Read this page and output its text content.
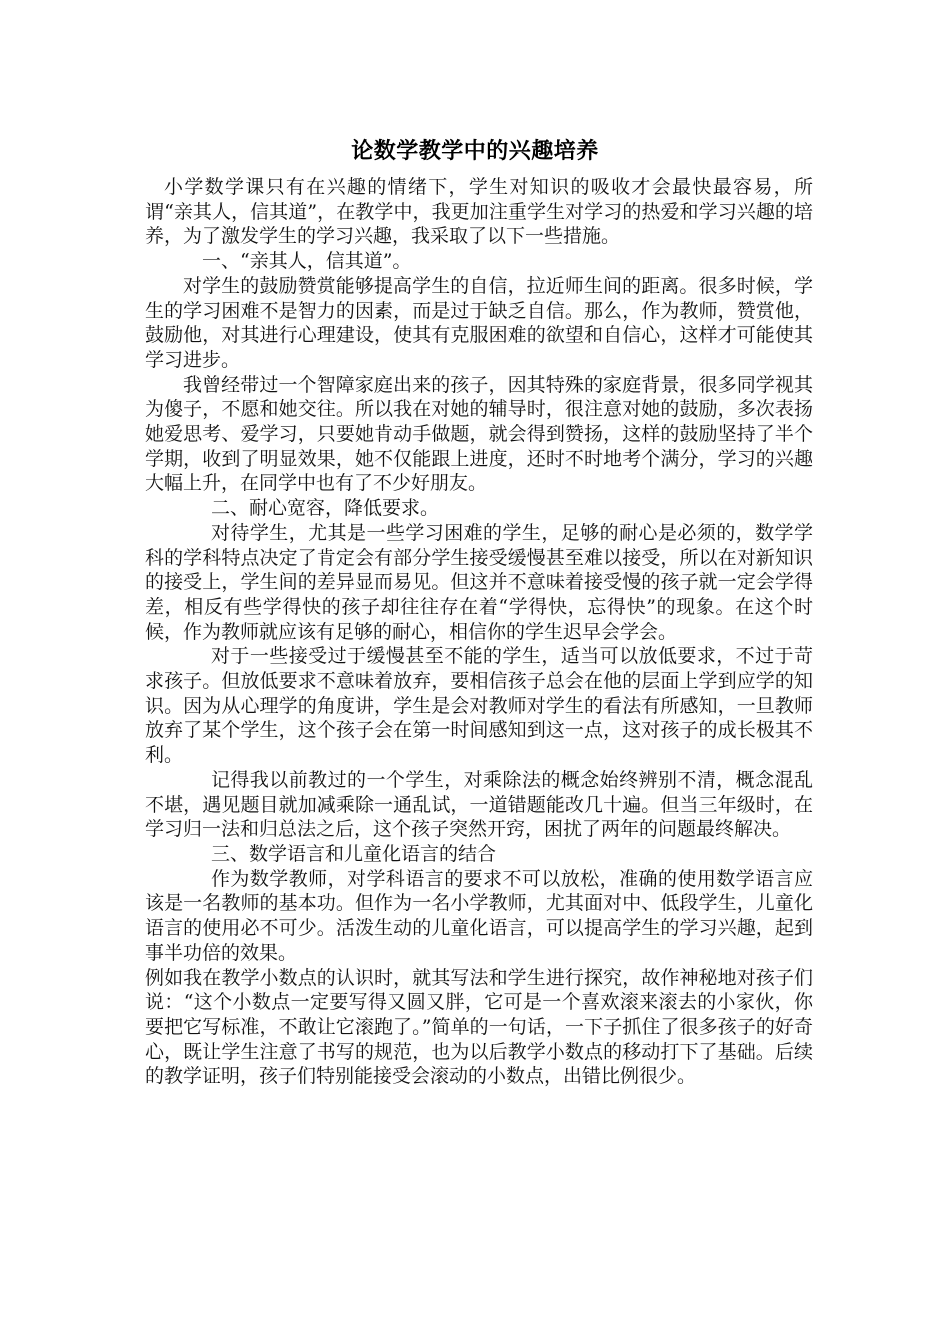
论数学教学中的兴趣培养

小学数学课只有在兴趣的情绪下，学生对知识的吸收才会最快最容易，所谓“亲其人，信其道”，在教学中，我更加注重学生对学习的热爱和学习兴趣的培养，为了激发学生的学习兴趣，我采取了以下一些措施。

一、“亲其人，信其道”。

对学生的鼓励赞赏能够提高学生的自信，拉近师生间的距离。很多时候，学生的学习困难不是智力的因素，而是过于缺乏自信。那么，作为教师，赞赏他，鼓励他，对其进行心理建设，使其有克服困难的欲望和自信心，这样才可能使其学习进步。

我曾经带过一个智障家庭出来的孩子，因其特殊的家庭背景，很多同学视其为傻子，不愿和她交往。所以我在对她的辅导时，很注意对她的鼓励，多次表扬她爱思考、爱学习，只要她肯动手做题，就会得到赞扬，这样的鼓励坚持了半个学期，收到了明显效果，她不仅能跟上进度，还时不时地考个满分，学习的兴趣大幅上升，在同学中也有了不少好朋友。

二、耐心宽容，降低要求。

对待学生，尤其是一些学习困难的学生，足够的耐心是必须的，数学学科的学科特点决定了肯定会有部分学生接受缓慢甚至难以接受，所以在对新知识的接受上，学生间的差异显而易见。但这并不意味着接受慢的孩子就一定会学得差，相反有些学得快的孩子却往往存在着“学得快，忘得快”的现象。在这个时候，作为教师就应该有足够的耐心，相信你的学生迟早会学会。

对于一些接受过于缓慢甚至不能的学生，适当可以放低要求，不过于苛求孩子。但放低要求不意味着放弃，要相信孩子总会在他的层面上学到应学的知识。因为从心理学的角度讲，学生是会对教师对学生的看法有所感知，一旦教师放弃了某个学生，这个孩子会在第一时间感知到这一点，这对孩子的成长极其不利。

记得我以前教过的一个学生，对乘除法的概念始终辨别不清，概念混乱不堪，遇见题目就加减乘除一通乱试，一道错题能改几十遍。但当三年级时，在学习归一法和归总法之后，这个孩子突然开窍，困扰了两年的问题最终解决。

三、数学语言和儿童化语言的结合

作为数学教师，对学科语言的要求不可以放松，准确的使用数学语言应该是一名教师的基本功。但作为一名小学教师，尤其面对中、低段学生，儿童化语言的使用必不可少。活泼生动的儿童化语言，可以提高学生的学习兴趣，起到事半功倍的效果。

例如我在教学小数点的认识时，就其写法和学生进行探究，故作神秘地对孩子们说：“这个小数点一定要写得又圆又胖，它可是一个喜欢滚来滚去的小家伙，你要把它写标准，不敢让它滚跑了。”简单的一句话，一下子抓住了很多孩子的好奇心，既让学生注意了书写的规范，也为以后教学小数点的移动打下了基础。后续的教学证明，孩子们特别能接受会滚动的小数点，出错比例很少。
